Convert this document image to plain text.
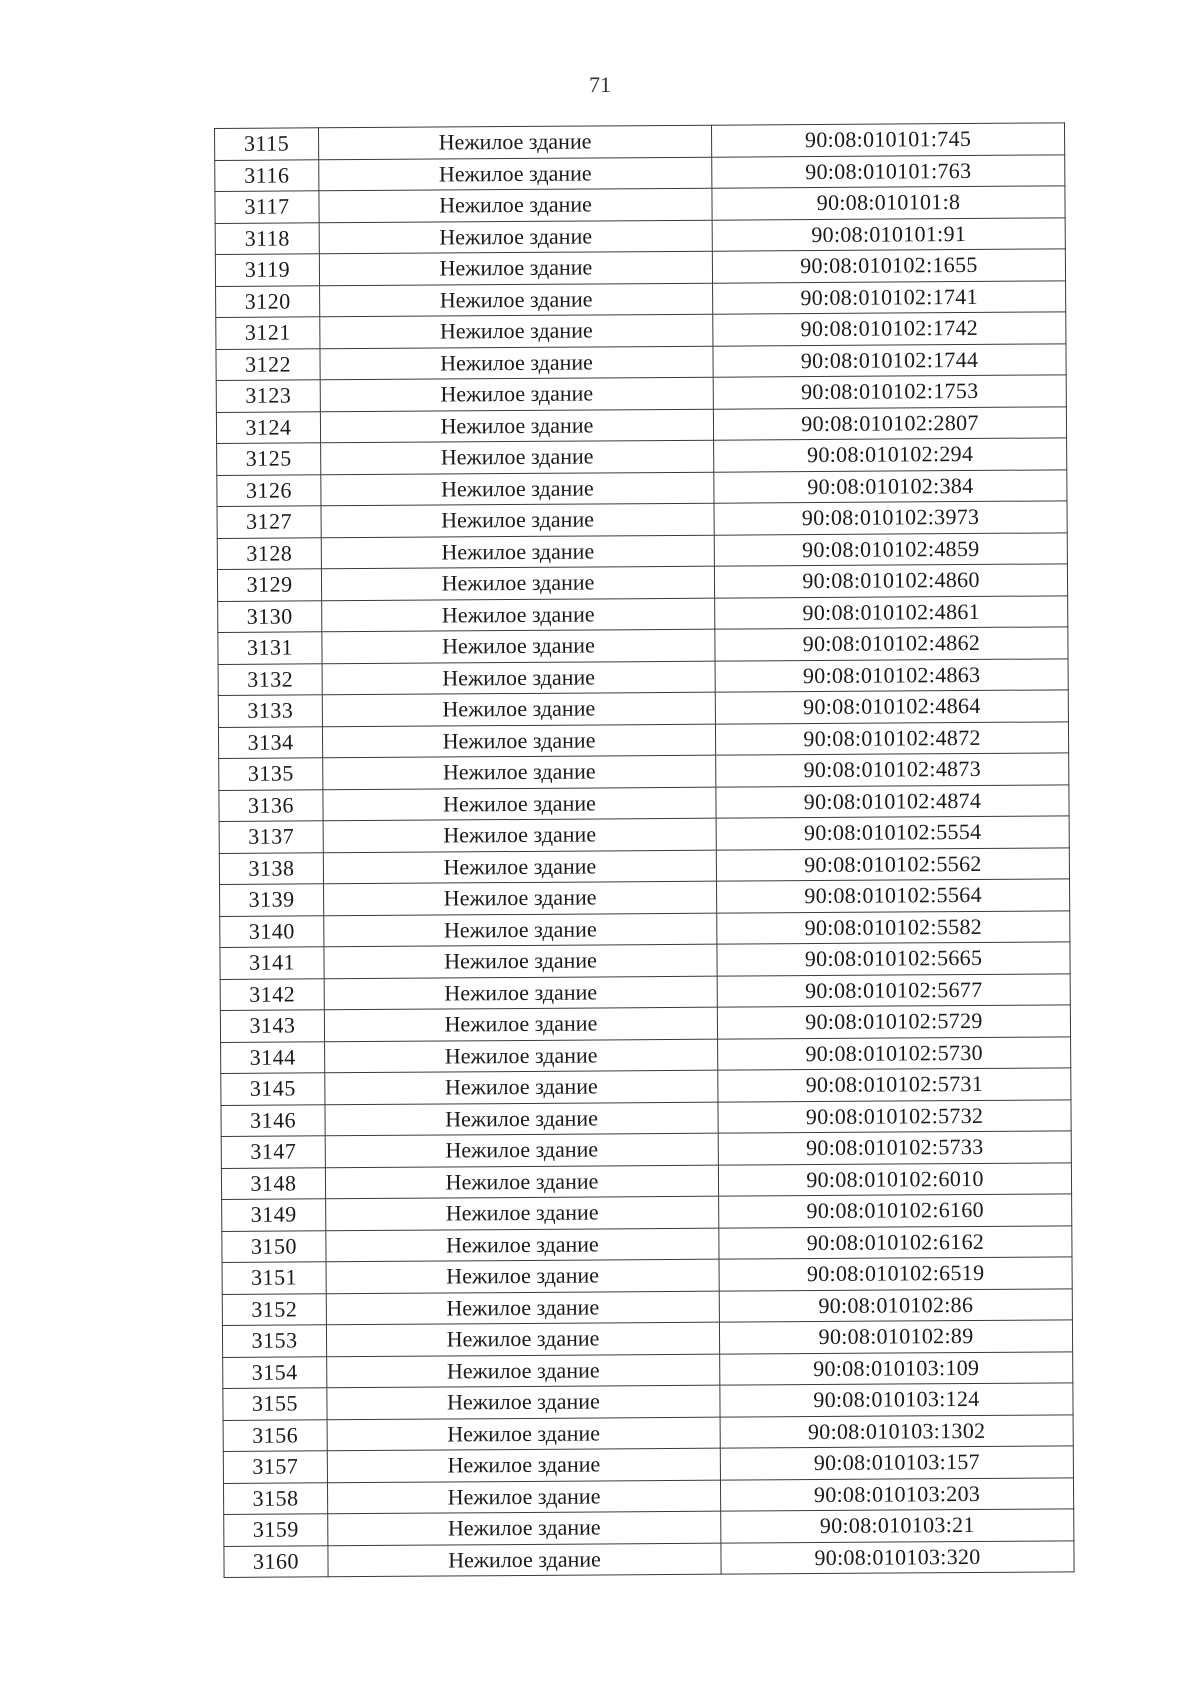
71
3115	Нежилое здание	90:08:010101:745
3116	Нежилое здание	90:08:010101:763
3117	Нежилое здание	90:08:010101:8
3118	Нежилое здание	90:08:010101:91
3119	Нежилое здание	90:08:010102:1655
3120	Нежилое здание	90:08:010102:1741
3121	Нежилое здание	90:08:010102:1742
3122	Нежилое здание	90:08:010102:1744
3123	Нежилое здание	90:08:010102:1753
3124	Нежилое здание	90:08:010102:2807
3125	Нежилое здание	90:08:010102:294
3126	Нежилое здание	90:08:010102:384
3127	Нежилое здание	90:08:010102:3973
3128	Нежилое здание	90:08:010102:4859
3129	Нежилое здание	90:08:010102:4860
3130	Нежилое здание	90:08:010102:4861
3131	Нежилое здание	90:08:010102:4862
3132	Нежилое здание	90:08:010102:4863
3133	Нежилое здание	90:08:010102:4864
3134	Нежилое здание	90:08:010102:4872
3135	Нежилое здание	90:08:010102:4873
3136	Нежилое здание	90:08:010102:4874
3137	Нежилое здание	90:08:010102:5554
3138	Нежилое здание	90:08:010102:5562
3139	Нежилое здание	90:08:010102:5564
3140	Нежилое здание	90:08:010102:5582
3141	Нежилое здание	90:08:010102:5665
3142	Нежилое здание	90:08:010102:5677
3143	Нежилое здание	90:08:010102:5729
3144	Нежилое здание	90:08:010102:5730
3145	Нежилое здание	90:08:010102:5731
3146	Нежилое здание	90:08:010102:5732
3147	Нежилое здание	90:08:010102:5733
3148	Нежилое здание	90:08:010102:6010
3149	Нежилое здание	90:08:010102:6160
3150	Нежилое здание	90:08:010102:6162
3151	Нежилое здание	90:08:010102:6519
3152	Нежилое здание	90:08:010102:86
3153	Нежилое здание	90:08:010102:89
3154	Нежилое здание	90:08:010103:109
3155	Нежилое здание	90:08:010103:124
3156	Нежилое здание	90:08:010103:1302
3157	Нежилое здание	90:08:010103:157
3158	Нежилое здание	90:08:010103:203
3159	Нежилое здание	90:08:010103:21
3160	Нежилое здание	90:08:010103:320
